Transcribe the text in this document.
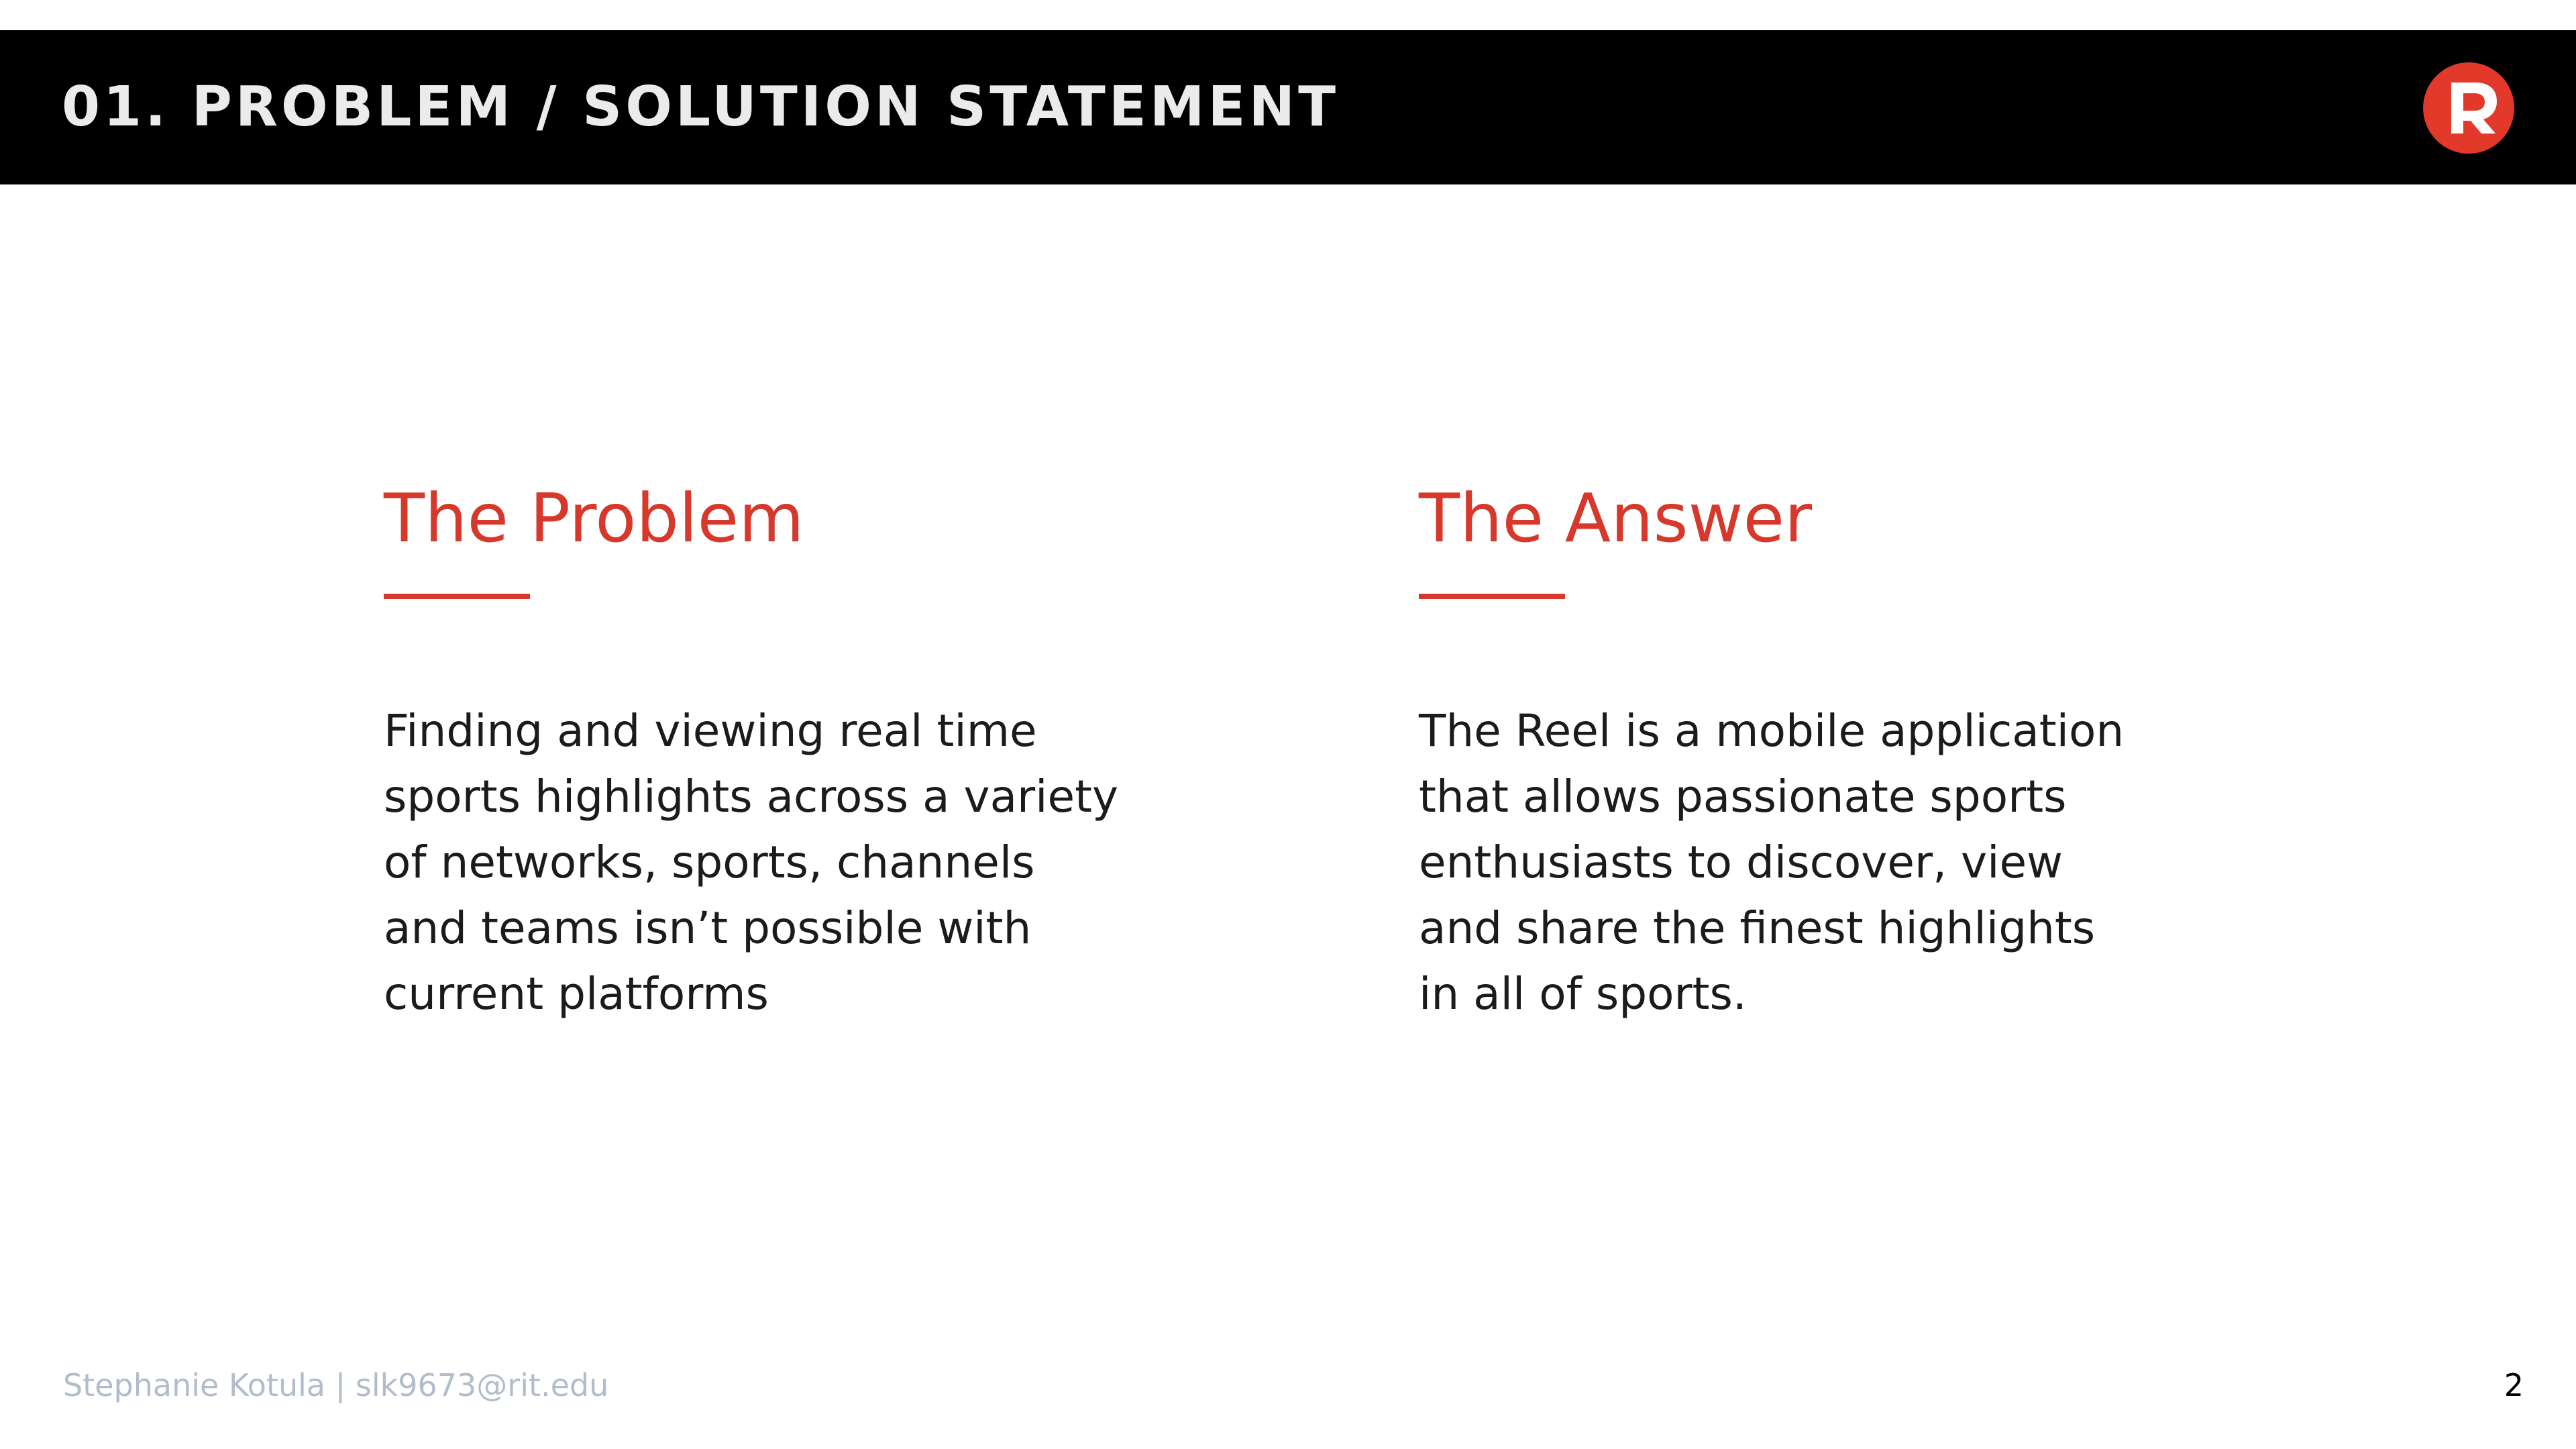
01. PROBLEM / SOLUTION STATEMENT
The Problem

Finding and viewing real time
sports highlights across a variety
of networks, sports, channels
and teams isn’t possible with
current platforms

The Answer

The Reel is a mobile application
that allows passionate sports
enthusiasts to discover, view
and share the finest highlights
in all of sports.

Stephanie Kotula | slk9673@rit.edu	2
